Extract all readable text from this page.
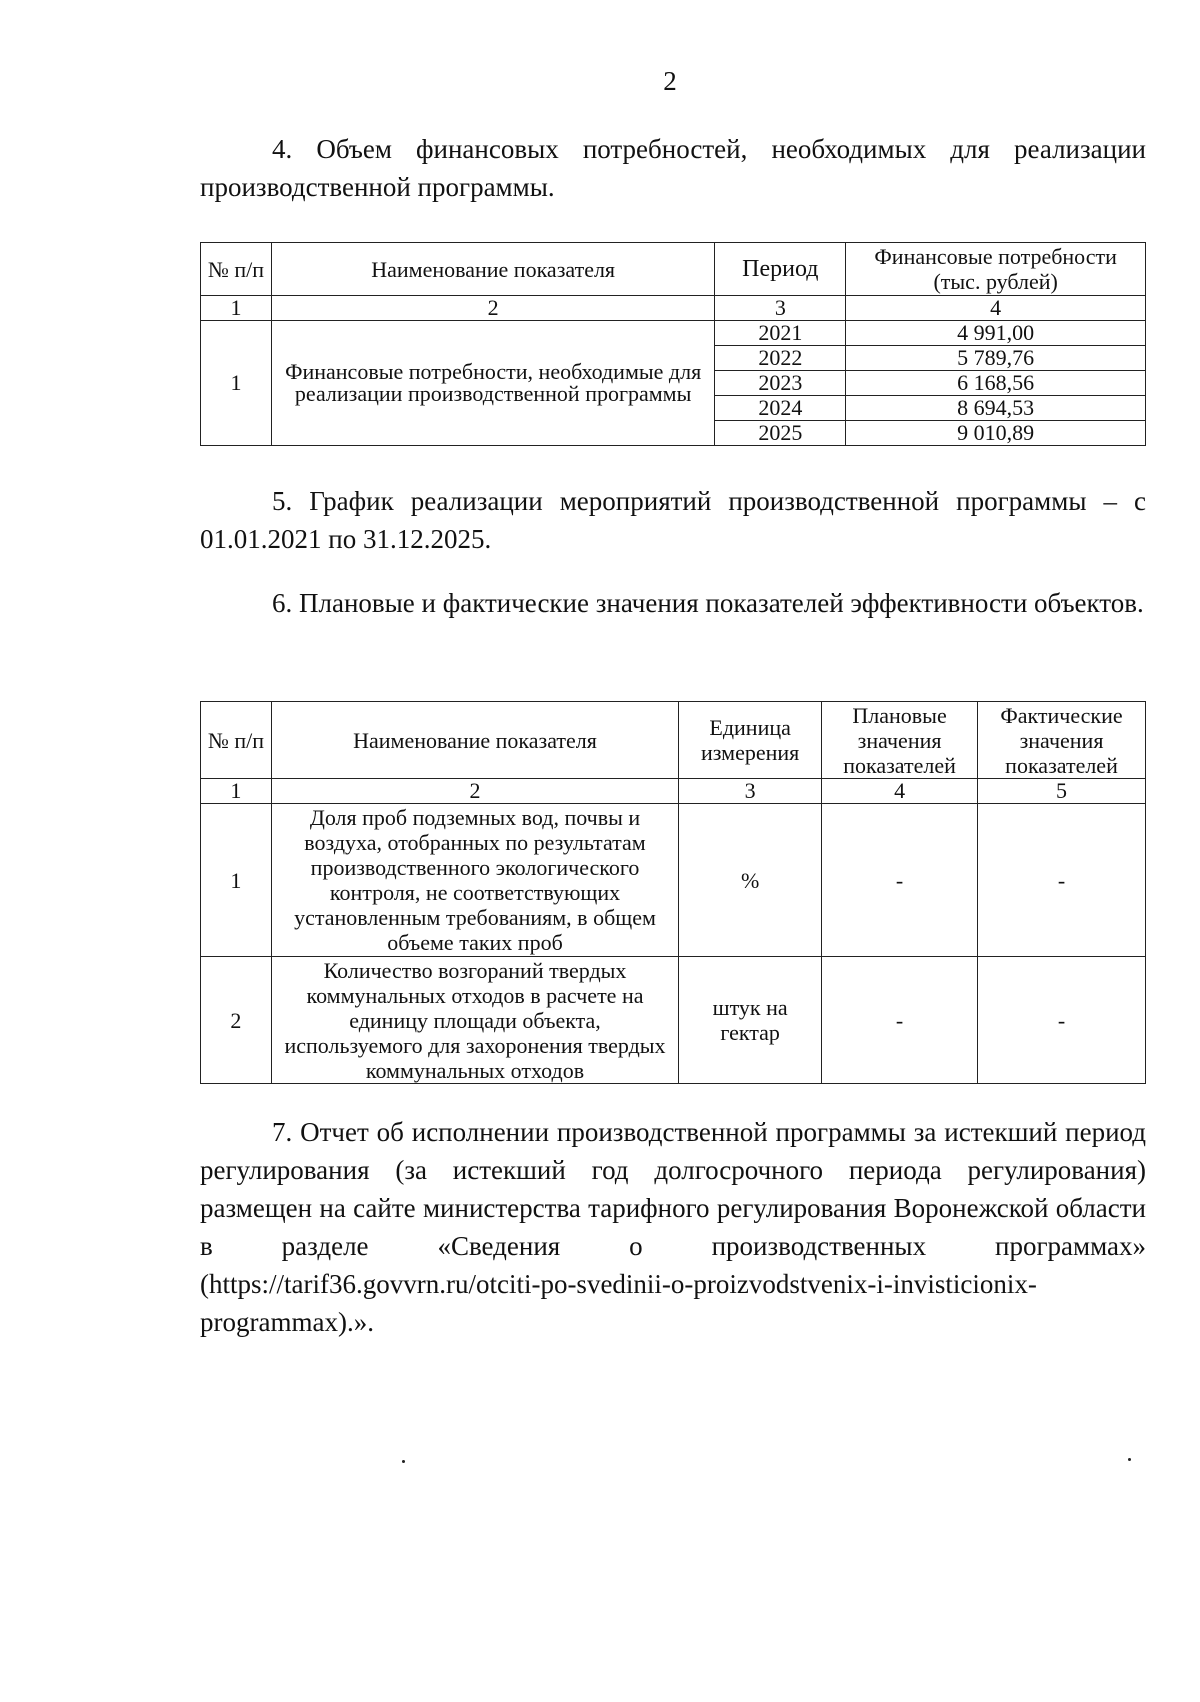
2

4. Объем финансовых потребностей, необходимых для реализации производственной программы.

№ п/п	Наименование показателя	Период	Финансовые потребности (тыс. рублей)
1	2	3	4
1	Финансовые потребности, необходимые для реализации производственной программы	2021	4 991,00
		2022	5 789,76
		2023	6 168,56
		2024	8 694,53
		2025	9 010,89

5. График реализации мероприятий производственной программы – с 01.01.2021 по 31.12.2025.

6. Плановые и фактические значения показателей эффективности объектов.

№ п/п	Наименование показателя	Единица измерения	Плановые значения показателей	Фактические значения показателей
1	2	3	4	5
1	Доля проб подземных вод, почвы и воздуха, отобранных по результатам производственного экологического контроля, не соответствующих установленным требованиям, в общем объеме таких проб	%	-	-
2	Количество возгораний твердых коммунальных отходов в расчете на единицу площади объекта, используемого для захоронения твердых коммунальных отходов	штук на гектар	-	-

7. Отчет об исполнении производственной программы за истекший период регулирования (за истекший год долгосрочного периода регулирования) размещен на сайте министерства тарифного регулирования Воронежской области в разделе «Сведения о производственных программах» (https://tarif36.govvrn.ru/otciti-po-svedinii-o-proizvodstvenix-i-invisticionix-programmax).».
